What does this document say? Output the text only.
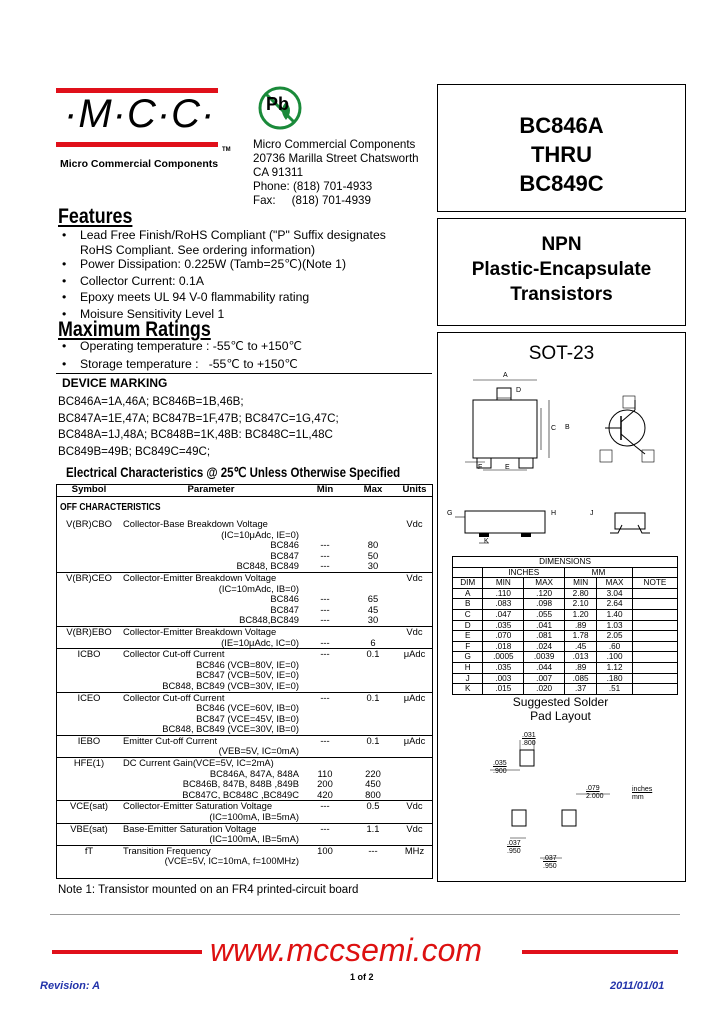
·M·C·C·
TM
Micro Commercial Components
Pb
Micro Commercial Components
20736 Marilla Street Chatsworth
CA 91311
Phone: (818) 701-4933
Fax:     (818) 701-4939
BC846A
THRU
BC849C
NPN
Plastic-Encapsulate
Transistors
SOT-23
A
D
C B
F	E
G	H	J
K
DIMENSIONS					
	INCHES		MM		
DIM	MIN	MAX	MIN	MAX	NOTE
A	.110	.120	2.80	3.04	
B	.083	.098	2.10	2.64	
C	.047	.055	1.20	1.40	
D	.035	.041	.89	1.03	
E	.070	.081	1.78	2.05	
F	.018	.024	.45	.60	
G	.0005	.0039	.013	.100	
H	.035	.044	.89	1.12	
J	.003	.007	.085	.180	
K	.015	.020	.37	.51	
Suggested Solder
Pad Layout
.031
.800
.035
.900
.079
2.000
inches
mm
.037
.950
.037
.950
Features
• Lead Free Finish/RoHS Compliant ("P" Suffix designates RoHS Compliant. See ordering information)
• Power Dissipation: 0.225W (Tamb=25℃)(Note 1)
• Collector Current: 0.1A
• Epoxy meets UL 94 V-0 flammability rating
• Moisure Sensitivity Level 1
Maximum Ratings
• Operating temperature : -55℃ to +150℃
• Storage temperature :   -55℃ to +150℃
DEVICE MARKING
BC846A=1A,46A; BC846B=1B,46B;
BC847A=1E,47A; BC847B=1F,47B; BC847C=1G,47C;
BC848A=1J,48A; BC848B=1K,48B: BC848C=1L,48C
BC849B=49B; BC849C=49C;
Electrical Characteristics @ 25℃ Unless Otherwise Specified
Symbol	Parameter	Min	Max	Units
OFF CHARACTERISTICS
V(BR)CBO	Collector-Base Breakdown Voltage			Vdc
	(IC=10μAdc, IE=0)			
	BC846	---	80	
	BC847	---	50	
	BC848, BC849	---	30	
V(BR)CEO	Collector-Emitter Breakdown Voltage			Vdc
	(IC=10mAdc, IB=0)			
	BC846	---	65	
	BC847	---	45	
	BC848,BC849	---	30	
V(BR)EBO	Collector-Emitter Breakdown Voltage			Vdc
	(IE=10μAdc, IC=0)	---	6	
ICBO	Collector Cut-off Current	---	0.1	μAdc
	BC846 (VCB=80V, IE=0)			
	BC847 (VCB=50V, IE=0)			
	BC848, BC849 (VCB=30V, IE=0)			
ICEO	Collector Cut-off Current	---	0.1	μAdc
	BC846 (VCE=60V, IB=0)			
	BC847 (VCE=45V, IB=0)			
	BC848, BC849 (VCE=30V, IB=0)			
IEBO	Emitter Cut-off Current	---	0.1	μAdc
	(VEB=5V, IC=0mA)			
HFE(1)	DC Current Gain(VCE=5V, IC=2mA)			
	BC846A, 847A, 848A	110	220	
	BC846B, 847B, 848B ,849B	200	450	
	BC847C, BC848C ,BC849C	420	800	
VCE(sat)	Collector-Emitter Saturation Voltage	---	0.5	Vdc
	(IC=100mA, IB=5mA)			
VBE(sat)	Base-Emitter Saturation Voltage	---	1.1	Vdc
	(IC=100mA, IB=5mA)			
fT	Transition Frequency	100	---	MHz
	(VCE=5V, IC=10mA, f=100MHz)			
Note 1: Transistor mounted on an FR4 printed-circuit board
www.mccsemi.com
Revision: A
1 of 2
2011/01/01
